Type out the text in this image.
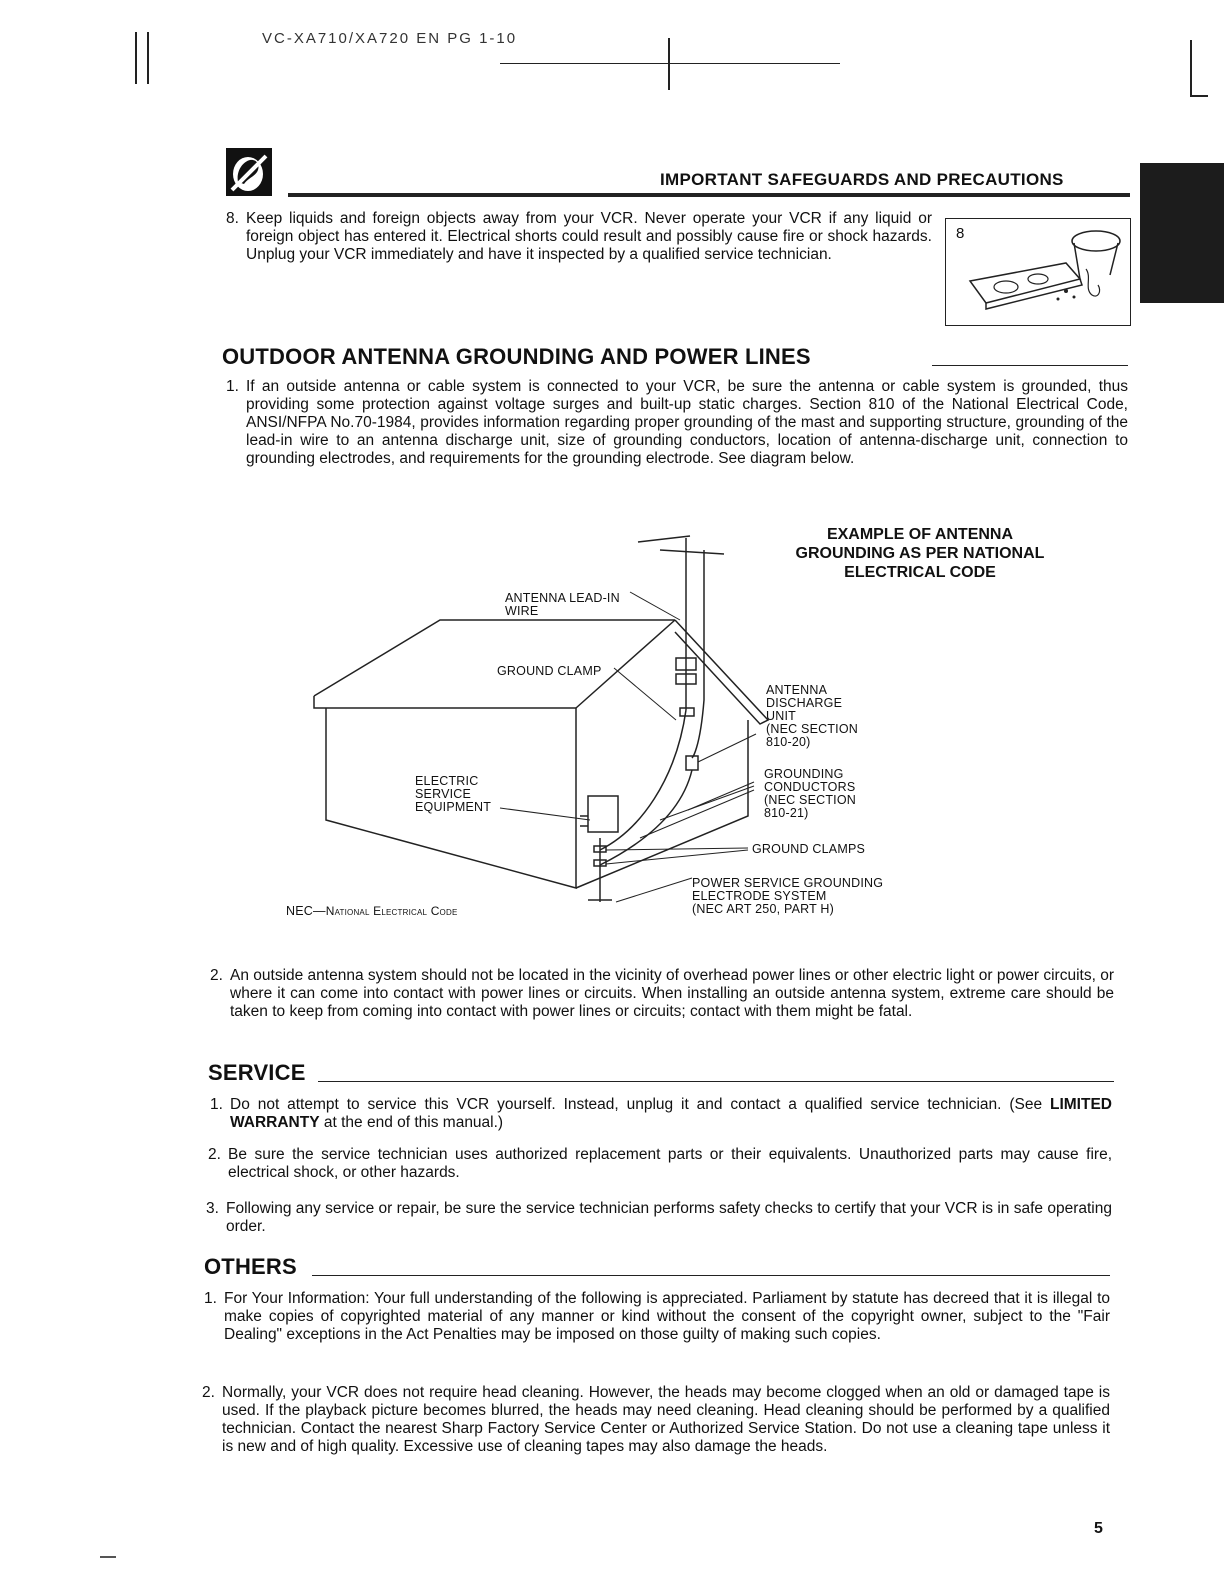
VC-XA710/XA720 EN PG 1-10
IMPORTANT SAFEGUARDS AND PRECAUTIONS
8. Keep liquids and foreign objects away from your VCR. Never operate your VCR if any liquid or foreign object has entered it. Electrical shorts could result and possibly cause fire or shock hazards. Unplug your VCR immediately and have it inspected by a qualified service technician.
8
OUTDOOR ANTENNA GROUNDING AND POWER LINES
1. If an outside antenna or cable system is connected to your VCR, be sure the antenna or cable system is grounded, thus providing some protection against voltage surges and built-up static charges. Section 810 of the National Electrical Code, ANSI/NFPA No.70-1984, provides information regarding proper grounding of the mast and supporting structure, grounding of the lead-in wire to an antenna discharge unit, size of grounding conductors, location of antenna-discharge unit, connection to grounding electrodes, and requirements for the grounding electrode. See diagram below.
EXAMPLE OF ANTENNA
GROUNDING AS PER NATIONAL
ELECTRICAL CODE
ANTENNA LEAD-IN
WIRE
GROUND CLAMP
ELECTRIC
SERVICE
EQUIPMENT
ANTENNA
DISCHARGE
UNIT
(NEC SECTION
810-20)
GROUNDING
CONDUCTORS
(NEC SECTION
810-21)
GROUND CLAMPS
POWER SERVICE GROUNDING
ELECTRODE SYSTEM
(NEC ART 250, PART H)
NEC—National Electrical Code
2. An outside antenna system should not be located in the vicinity of overhead power lines or other electric light or power circuits, or where it can come into contact with power lines or circuits. When installing an outside antenna system, extreme care should be taken to keep from coming into contact with power lines or circuits; contact with them might be fatal.
SERVICE
1. Do not attempt to service this VCR yourself. Instead, unplug it and contact a qualified service technician. (See LIMITED WARRANTY at the end of this manual.)
2. Be sure the service technician uses authorized replacement parts or their equivalents. Unauthorized parts may cause fire, electrical shock, or other hazards.
3. Following any service or repair, be sure the service technician performs safety checks to certify that your VCR is in safe operating order.
OTHERS
1. For Your Information: Your full understanding of the following is appreciated. Parliament by statute has decreed that it is illegal to make copies of copyrighted material of any manner or kind without the consent of the copyright owner, subject to the "Fair Dealing" exceptions in the Act Penalties may be imposed on those guilty of making such copies.
2. Normally, your VCR does not require head cleaning. However, the heads may become clogged when an old or damaged tape is used. If the playback picture becomes blurred, the heads may need cleaning. Head cleaning should be performed by a qualified technician. Contact the nearest Sharp Factory Service Center or Authorized Service Station. Do not use a cleaning tape unless it is new and of high quality. Excessive use of cleaning tapes may also damage the heads.
5
